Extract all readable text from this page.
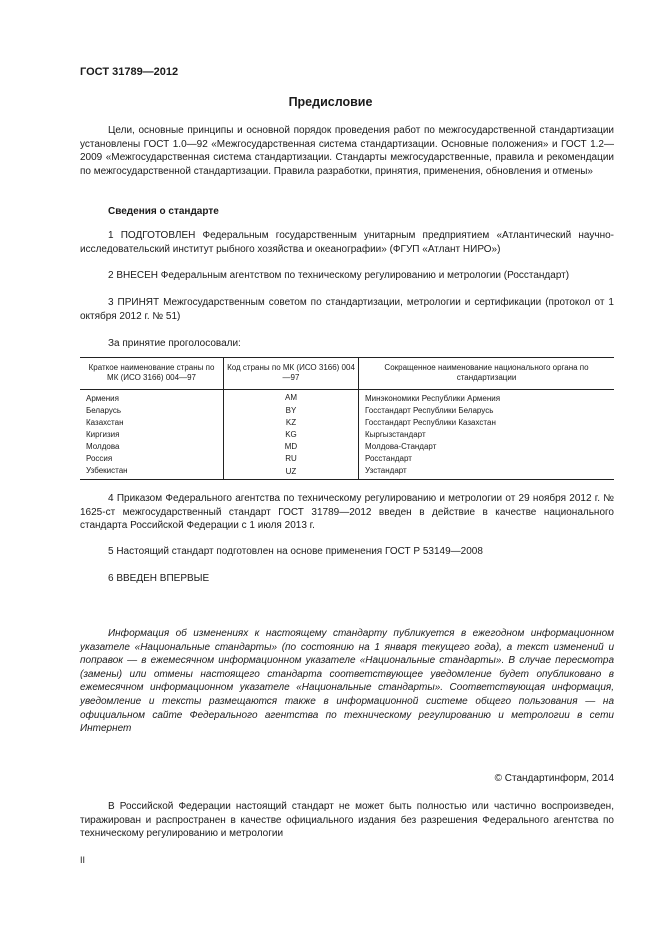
ГОСТ 31789—2012
Предисловие

Цели, основные принципы и основной порядок проведения работ по межгосударственной стандартизации установлены ГОСТ 1.0—92 «Межгосударственная система стандартизации. Основные положения» и ГОСТ 1.2—2009 «Межгосударственная система стандартизации. Стандарты межгосударственные, правила и рекомендации по межгосударственной стандартизации. Правила разработки, принятия, применения, обновления и отмены»

Сведения о стандарте

1 ПОДГОТОВЛЕН Федеральным государственным унитарным предприятием «Атлантический научно-исследовательский институт рыбного хозяйства и океанографии» (ФГУП «Атлант НИРО»)

2 ВНЕСЕН Федеральным агентством по техническому регулированию и метрологии (Росстандарт)

3 ПРИНЯТ Межгосударственным советом по стандартизации, метрологии и сертификации (протокол от 1 октября 2012 г. № 51)

За принятие проголосовали:
Краткое наименование страны по МК (ИСО 3166) 004—97	Код страны по МК (ИСО 3166) 004—97	Сокращенное наименование национального органа по стандартизации
Армения	AM	Минэкономики Республики Армения
Беларусь	BY	Госстандарт Республики Беларусь
Казахстан	KZ	Госстандарт Республики Казахстан
Киргизия	KG	Кыргызстандарт
Молдова	MD	Молдова-Стандарт
Россия	RU	Росстандарт
Узбекистан	UZ	Узстандарт

4 Приказом Федерального агентства по техническому регулированию и метрологии от 29 ноября 2012 г. № 1625-ст межгосударственный стандарт ГОСТ 31789—2012 введен в действие в качестве национального стандарта Российской Федерации с 1 июля 2013 г.

5 Настоящий стандарт подготовлен на основе применения ГОСТ Р 53149—2008
6 ВВЕДЕН ВПЕРВЫЕ

Информация об изменениях к настоящему стандарту публикуется в ежегодном информационном указателе «Национальные стандарты» (по состоянию на 1 января текущего года), а текст изменений и поправок — в ежемесячном информационном указателе «Национальные стандарты». В случае пересмотра (замены) или отмены настоящего стандарта соответствующее уведомление будет опубликовано в ежемесячном информационном указателе «Национальные стандарты». Соответствующая информация, уведомление и тексты размещаются также в информационной системе общего пользования — на официальном сайте Федерального агентства по техническому регулированию и метрологии в сети Интернет

© Стандартинформ, 2014

В Российской Федерации настоящий стандарт не может быть полностью или частично воспроизведен, тиражирован и распространен в качестве официального издания без разрешения Федерального агентства по техническому регулированию и метрологии

II
